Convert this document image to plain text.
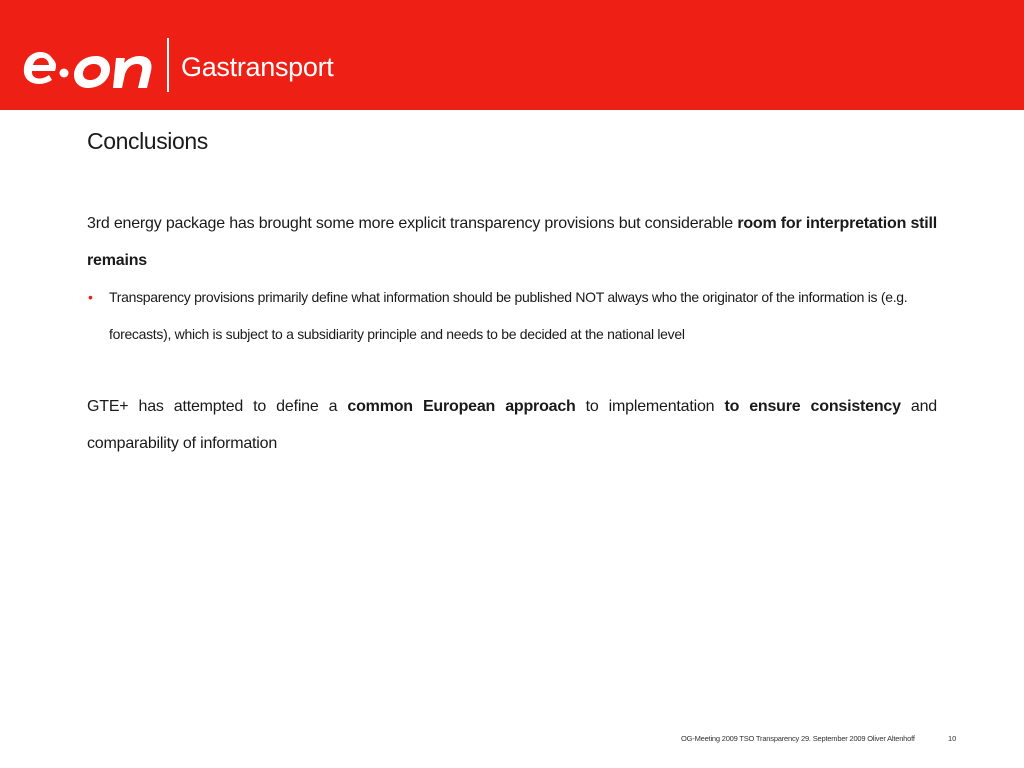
Gastransport
Conclusions

3rd energy package has brought some more explicit transparency provisions but considerable room for interpretation still remains

• Transparency provisions primarily define what information should be published NOT always who the originator of the information is (e.g. forecasts), which is subject to a subsidiarity principle and needs to be decided at the national level

GTE+ has attempted to define a common European approach to implementation to ensure consistency and comparability of information

OG-Meeting 2009 TSO Transparency 29. September 2009 Oliver Altenhoff	10
